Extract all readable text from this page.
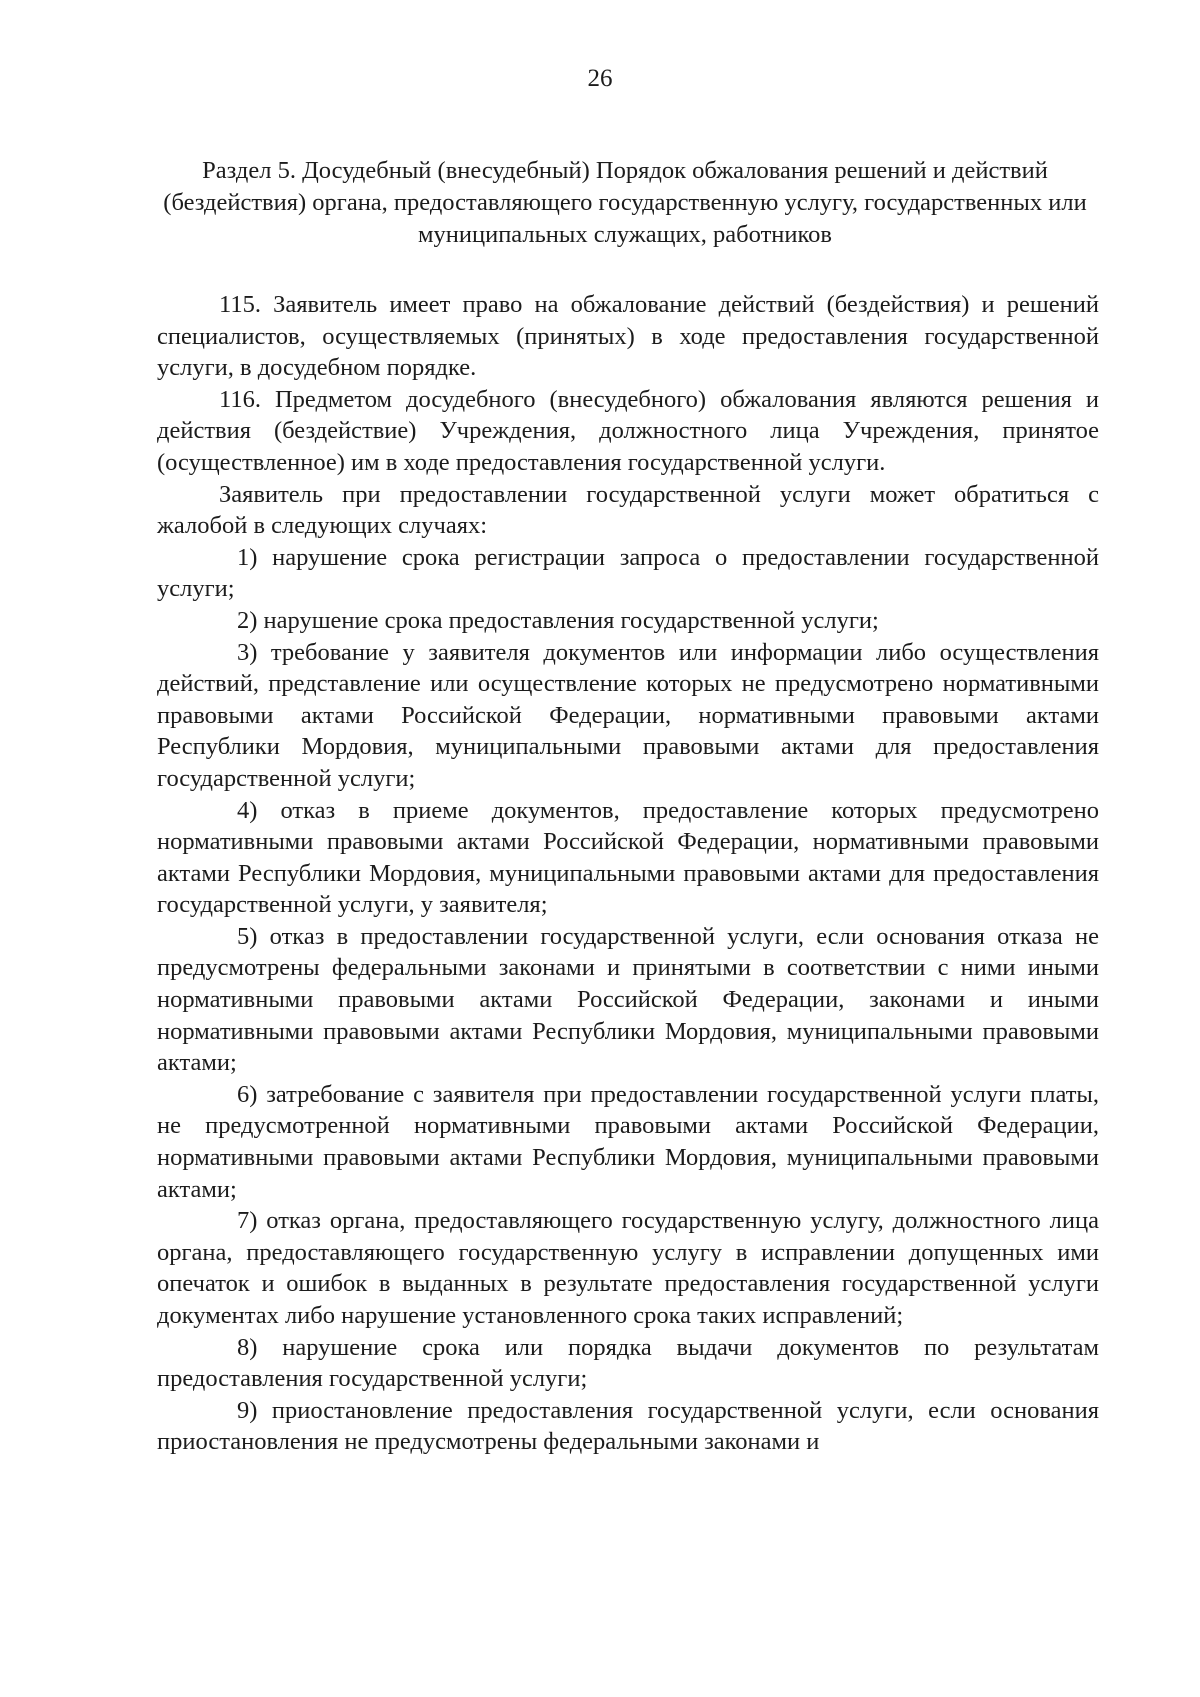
26
Раздел 5. Досудебный (внесудебный) Порядок обжалования решений и действий (бездействия) органа, предоставляющего государственную услугу, государственных или муниципальных служащих, работников

115. Заявитель имеет право на обжалование действий (бездействия) и решений специалистов, осуществляемых (принятых) в ходе предоставления государственной услуги, в досудебном порядке.

116. Предметом досудебного (внесудебного) обжалования являются решения и действия (бездействие) Учреждения, должностного лица Учреждения, принятое (осуществленное) им в ходе предоставления государственной услуги.

Заявитель при предоставлении государственной услуги может обратиться с жалобой в следующих случаях:

1) нарушение срока регистрации запроса о предоставлении государственной услуги;

2) нарушение срока предоставления государственной услуги;

3) требование у заявителя документов или информации либо осуществления действий, представление или осуществление которых не предусмотрено нормативными правовыми актами Российской Федерации, нормативными правовыми актами Республики Мордовия, муниципальными правовыми актами для предоставления государственной услуги;

4) отказ в приеме документов, предоставление которых предусмотрено нормативными правовыми актами Российской Федерации, нормативными правовыми актами Республики Мордовия, муниципальными правовыми актами для предоставления государственной услуги, у заявителя;

5) отказ в предоставлении государственной услуги, если основания отказа не предусмотрены федеральными законами и принятыми в соответствии с ними иными нормативными правовыми актами Российской Федерации, законами и иными нормативными правовыми актами Республики Мордовия, муниципальными правовыми актами;

6) затребование с заявителя при предоставлении государственной услуги платы, не предусмотренной нормативными правовыми актами Российской Федерации, нормативными правовыми актами Республики Мордовия, муниципальными правовыми актами;

7) отказ органа, предоставляющего государственную услугу, должностного лица органа, предоставляющего государственную услугу в исправлении допущенных ими опечаток и ошибок в выданных в результате предоставления государственной услуги документах либо нарушение установленного срока таких исправлений;

8) нарушение срока или порядка выдачи документов по результатам предоставления государственной услуги;

9) приостановление предоставления государственной услуги, если основания приостановления не предусмотрены федеральными законами и
